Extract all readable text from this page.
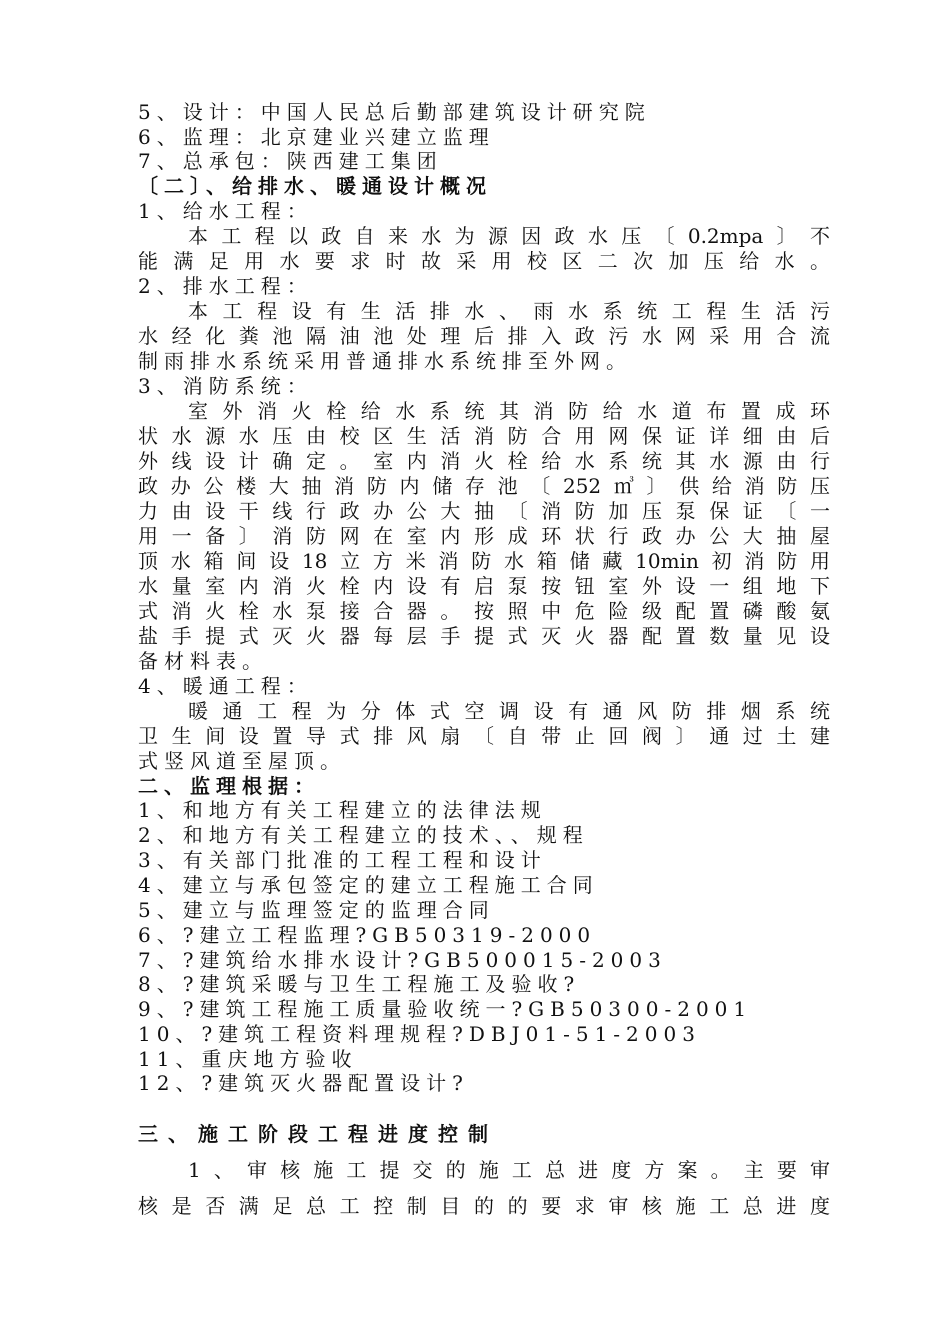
5、设计：中国人民总后勤部建筑设计研究院
6、监理：北京建业兴建立监理
7、总承包：陕西建工集团
〔二〕、给排水、暖通设计概况
1、给水工程：
本工程以政自来水为源因政水压〔0.2mpa〕不
能满足用水要求时故采用校区二次加压给水。
2、排水工程：
本工程设有生活排水、雨水系统工程生活污
水经化粪池隔油池处理后排入政污水网采用合流
制雨排水系统采用普通排水系统排至外网。
3、消防系统：
室外消火栓给水系统其消防给水道布置成环
状水源水压由校区生活消防合用网保证详细由后
外线设计确定。室内消火栓给水系统其水源由行
政办公楼大抽消防内储存池〔252㎥〕供给消防压
力由设干线行政办公大抽〔消防加压泵保证〔一
用一备〕消防网在室内形成环状行政办公大抽屋
顶水箱间设18立方米消防水箱储藏10min初消防用
水量室内消火栓内设有启泵按钮室外设一组地下
式消火栓水泵接合器。按照中危险级配置磷酸氨
盐手提式灭火器每层手提式灭火器配置数量见设
备材料表。
4、暖通工程：
暖通工程为分体式空调设有通风防排烟系统
卫生间设置导式排风扇〔自带止回阀〕通过土建
式竖风道至屋顶。
二、监理根据：
1、和地方有关工程建立的法律法规
2、和地方有关工程建立的技术、、规程
3、有关部门批准的工程工程和设计
4、建立与承包签定的建立工程施工合同
5、建立与监理签定的监理合同
6、?建立工程监理?GB50319-2000
7、?建筑给水排水设计?GB500015-2003
8、?建筑采暖与卫生工程施工及验收?
9、?建筑工程施工质量验收统一?GB50300-2001
10、?建筑工程资料理规程?DBJ01-51-2003
11、重庆地方验收
12、?建筑灭火器配置设计?
三、施工阶段工程进度控制
1、审核施工提交的施工总进度方案。主要审
核是否满足总工控制目的的要求审核施工总进度
